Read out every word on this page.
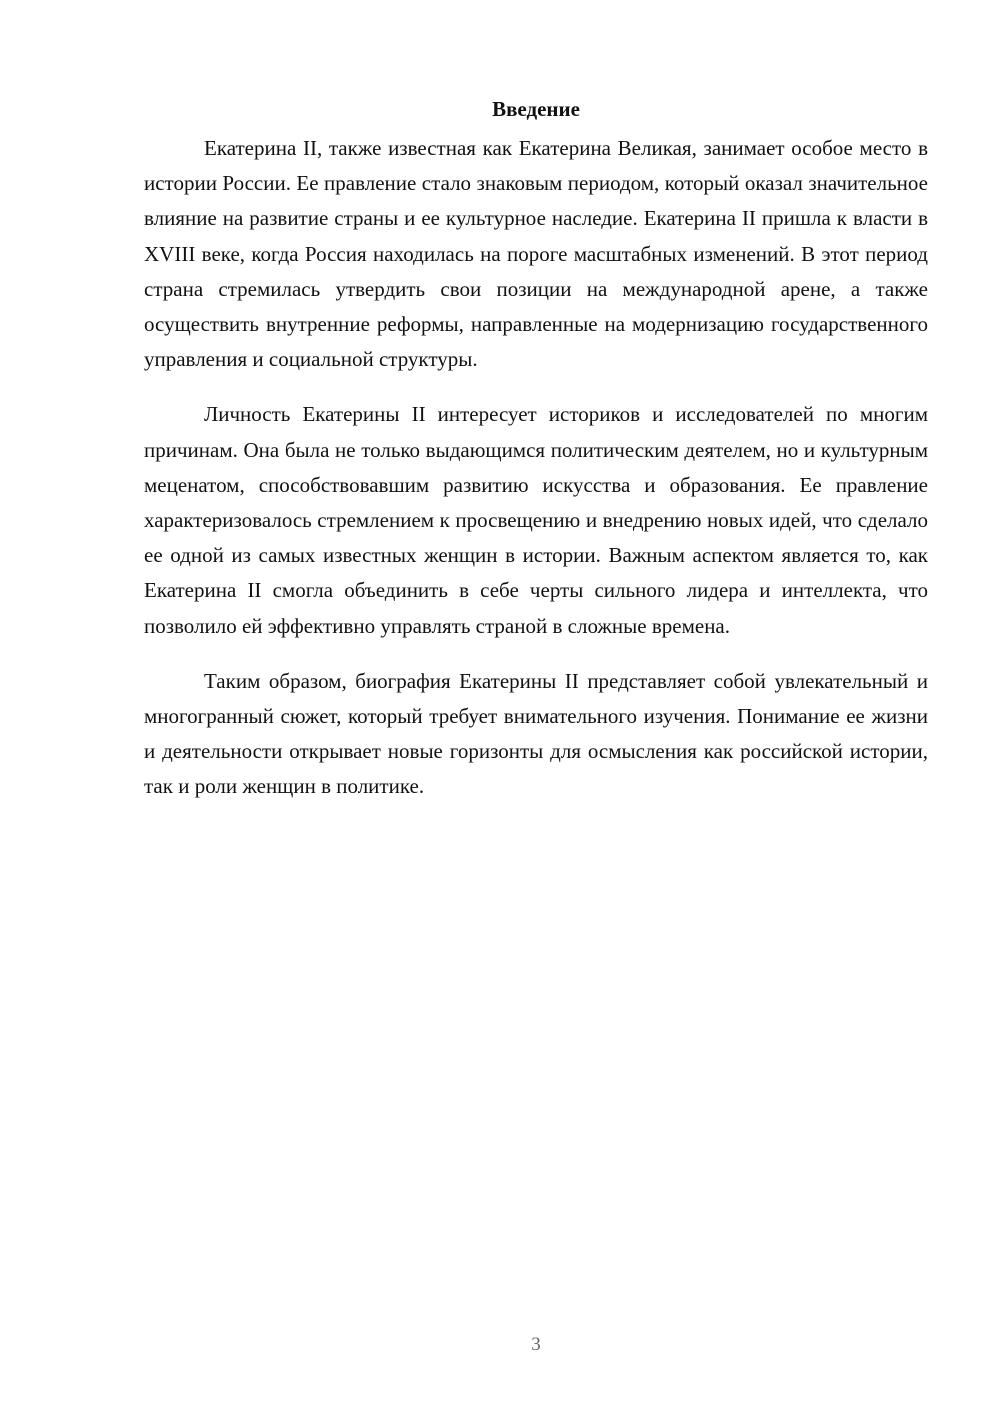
Введение

Екатерина II, также известная как Екатерина Великая, занимает особое место в истории России. Ее правление стало знаковым периодом, который оказал значительное влияние на развитие страны и ее культурное наследие. Екатерина II пришла к власти в XVIII веке, когда Россия находилась на пороге масштабных изменений. В этот период страна стремилась утвердить свои позиции на международной арене, а также осуществить внутренние реформы, направленные на модернизацию государственного управления и социальной структуры.

Личность Екатерины II интересует историков и исследователей по многим причинам. Она была не только выдающимся политическим деятелем, но и культурным меценатом, способствовавшим развитию искусства и образования. Ее правление характеризовалось стремлением к просвещению и внедрению новых идей, что сделало ее одной из самых известных женщин в истории. Важным аспектом является то, как Екатерина II смогла объединить в себе черты сильного лидера и интеллекта, что позволило ей эффективно управлять страной в сложные времена.

Таким образом, биография Екатерины II представляет собой увлекательный и многогранный сюжет, который требует внимательного изучения. Понимание ее жизни и деятельности открывает новые горизонты для осмысления как российской истории, так и роли женщин в политике.

3
